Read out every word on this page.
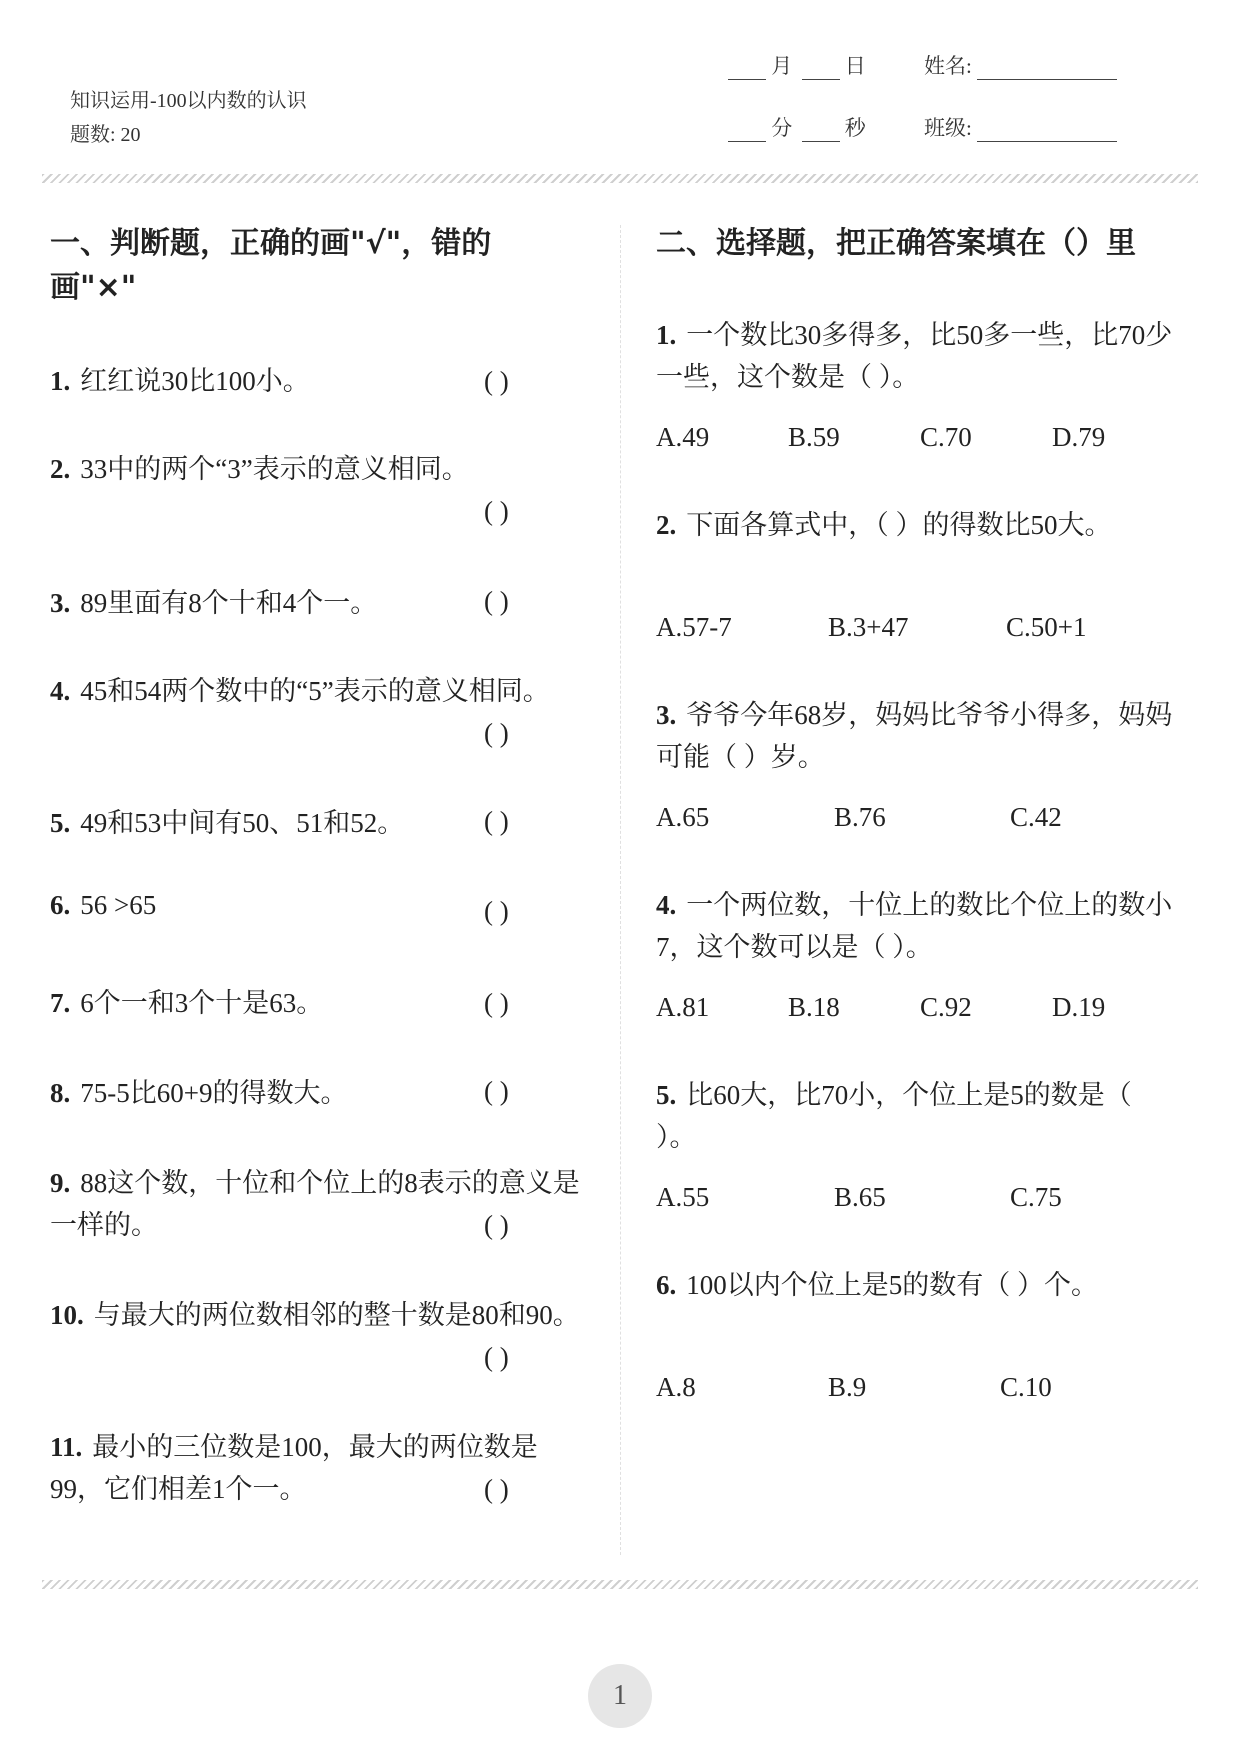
知识运用-100以内数的认识
题数: 20
月	日	姓名:
分	秒	班级:
一、判断题，正确的画"√"，错的画"×"
1. 红红说30比100小。	( )
2. 33中的两个“3”表示的意义相同。
( )
3. 89里面有8个十和4个一。	( )
4. 45和54两个数中的“5”表示的意义相同。
( )
5. 49和53中间有50、51和52。	( )
6. 56 >65	( )
7. 6个一和3个十是63。	( )
8. 75-5比60+9的得数大。	( )
9. 88这个数，十位和个位上的8表示的意义是一样的。	( )
10. 与最大的两位数相邻的整十数是80和90。
( )
11. 最小的三位数是100，最大的两位数是99，它们相差1个一。	( )
二、选择题，把正确答案填在（）里
1. 一个数比30多得多，比50多一些，比70少一些，这个数是（ ）。
A.49	B.59	C.70	D.79
2. 下面各算式中，（ ）的得数比50大。
A.57-7	B.3+47	C.50+1
3. 爷爷今年68岁，妈妈比爷爷小得多，妈妈可能（ ）岁。
A.65	B.76	C.42
4. 一个两位数，十位上的数比个位上的数小7，这个数可以是（ ）。
A.81	B.18	C.92	D.19
5. 比60大，比70小，个位上是5的数是（ ）。
A.55	B.65	C.75
6. 100以内个位上是5的数有（ ）个。
A.8	B.9	C.10
1
